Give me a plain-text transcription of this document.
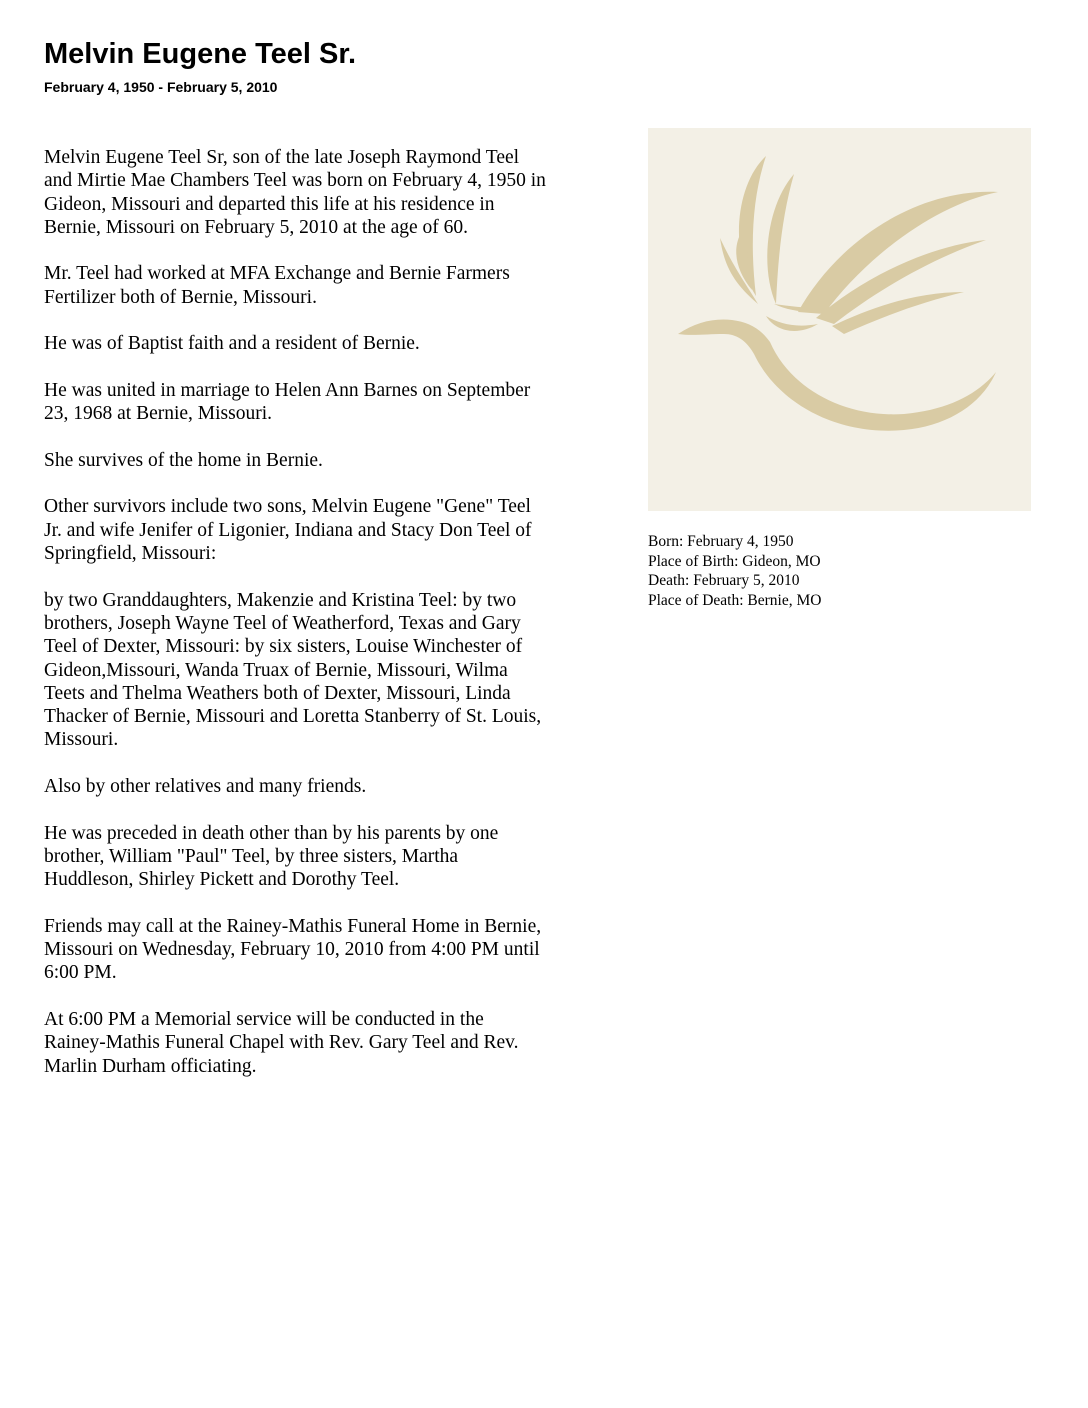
Melvin Eugene Teel Sr.
February 4, 1950 - February 5, 2010

Melvin Eugene Teel Sr, son of the late Joseph Raymond Teel
and Mirtie Mae Chambers Teel was born on February 4, 1950 in
Gideon, Missouri and departed this life at his residence in
Bernie, Missouri on February 5, 2010 at the age of 60.

Mr. Teel had worked at MFA Exchange and Bernie Farmers
Fertilizer both of Bernie, Missouri.

He was of Baptist faith and a resident of Bernie.

He was united in marriage to Helen Ann Barnes on September
23, 1968 at Bernie, Missouri.

She survives of the home in Bernie.

Other survivors include two sons, Melvin Eugene "Gene" Teel
Jr. and wife Jenifer of Ligonier, Indiana and Stacy Don Teel of
Springfield, Missouri:

by two Granddaughters, Makenzie and Kristina Teel: by two
brothers, Joseph Wayne Teel of Weatherford, Texas and Gary
Teel of Dexter, Missouri: by six sisters, Louise Winchester of
Gideon,Missouri, Wanda Truax of Bernie, Missouri, Wilma
Teets and Thelma Weathers both of Dexter, Missouri, Linda
Thacker of Bernie, Missouri and Loretta Stanberry of St. Louis,
Missouri.

Also by other relatives and many friends.

He was preceded in death other than by his parents by one
brother, William "Paul" Teel, by three sisters, Martha
Huddleson, Shirley Pickett and Dorothy Teel.

Friends may call at the Rainey-Mathis Funeral Home in Bernie,
Missouri on Wednesday, February 10, 2010 from 4:00 PM until
6:00 PM.

At 6:00 PM a Memorial service will be conducted in the
Rainey-Mathis Funeral Chapel with Rev. Gary Teel and Rev.
Marlin Durham officiating.

Born: February 4, 1950
Place of Birth: Gideon, MO
Death: February 5, 2010
Place of Death: Bernie, MO
